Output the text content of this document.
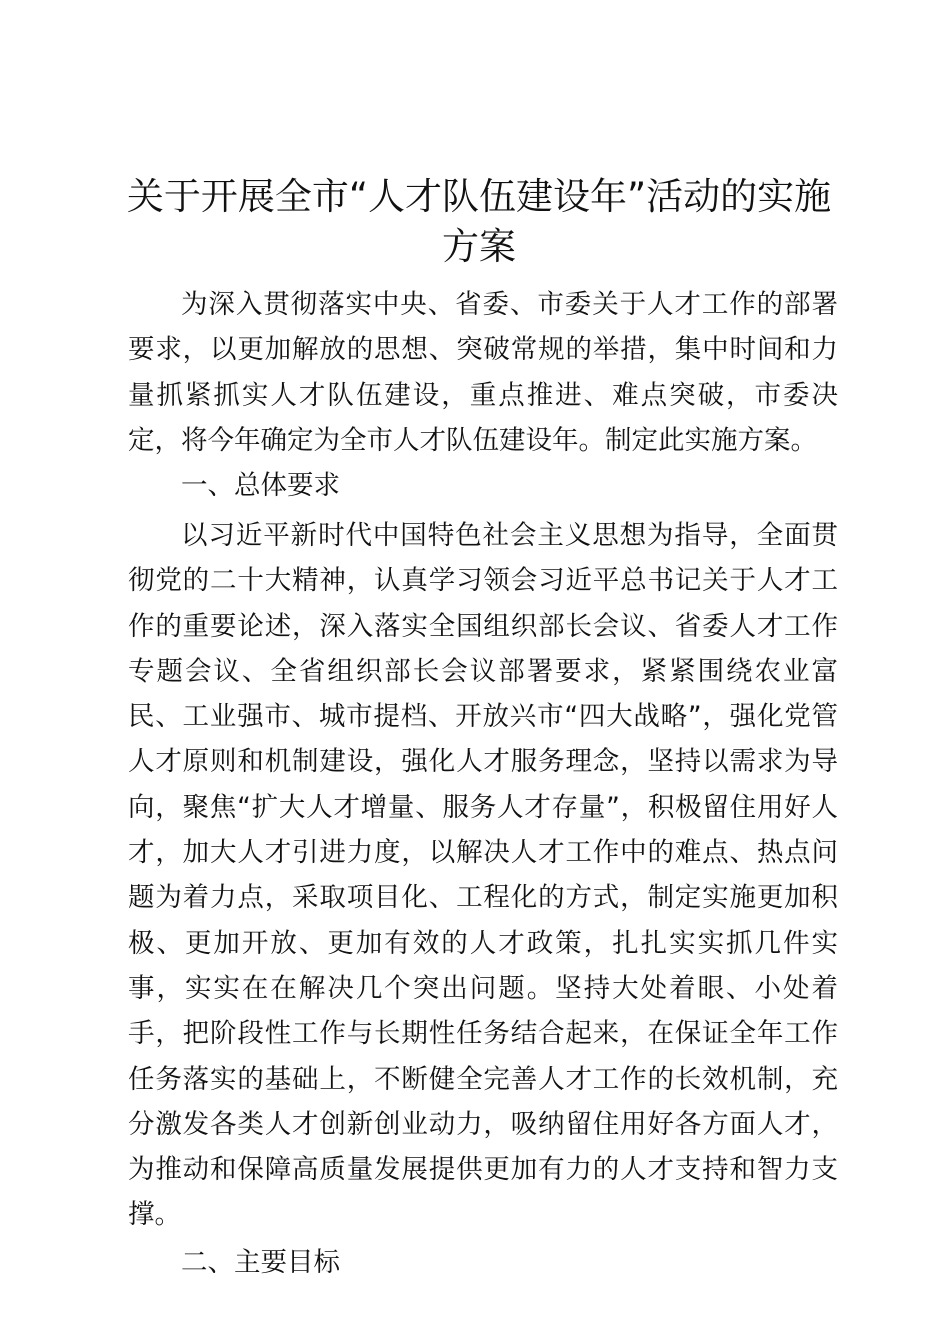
关于开展全市“人才队伍建设年”活动的实施方案

为深入贯彻落实中央、省委、市委关于人才工作的部署要求，以更加解放的思想、突破常规的举措，集中时间和力量抓紧抓实人才队伍建设，重点推进、难点突破，市委决定，将今年确定为全市人才队伍建设年。制定此实施方案。

一、总体要求

以习近平新时代中国特色社会主义思想为指导，全面贯彻党的二十大精神，认真学习领会习近平总书记关于人才工作的重要论述，深入落实全国组织部长会议、省委人才工作专题会议、全省组织部长会议部署要求，紧紧围绕农业富民、工业强市、城市提档、开放兴市“四大战略”，强化党管人才原则和机制建设，强化人才服务理念，坚持以需求为导向，聚焦“扩大人才增量、服务人才存量”，积极留住用好人才，加大人才引进力度，以解决人才工作中的难点、热点问题为着力点，采取项目化、工程化的方式，制定实施更加积极、更加开放、更加有效的人才政策，扎扎实实抓几件实事，实实在在解决几个突出问题。坚持大处着眼、小处着手，把阶段性工作与长期性任务结合起来，在保证全年工作任务落实的基础上，不断健全完善人才工作的长效机制，充分激发各类人才创新创业动力，吸纳留住用好各方面人才，为推动和保障高质量发展提供更加有力的人才支持和智力支撑。

二、主要目标
